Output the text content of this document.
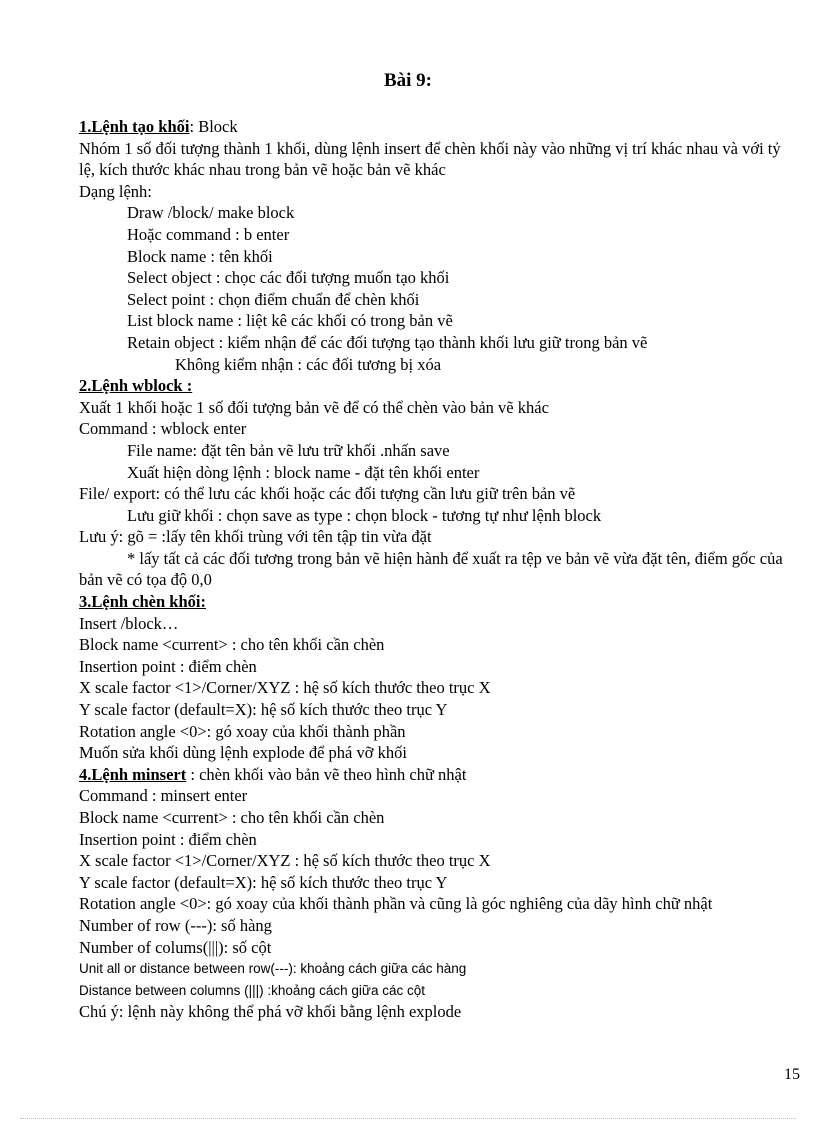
Bài 9:
1.Lệnh tạo khối: Block
Nhóm 1 số đối tượng thành 1 khối, dùng lệnh insert để chèn khối này vào những vị trí khác nhau và với tỷ lệ, kích thước khác nhau trong bản vẽ hoặc bản vẽ khác
Dạng lệnh:
Draw /block/ make block
Hoặc command : b enter
Block name : tên khối
Select object : chọc các đối tượng muốn tạo khối
Select point : chọn điểm chuẩn để chèn khối
List block name : liệt kê các khối có trong bản vẽ
Retain object : kiểm nhận để các đối tượng tạo thành khối lưu giữ trong bản vẽ
Không kiểm nhận : các đối tương bị xóa
2.Lệnh wblock :
Xuất 1 khối hoặc 1 số đối tượng bản vẽ để có thể chèn vào bản vẽ khác
Command : wblock enter
File name: đặt tên bản vẽ lưu trữ khối .nhấn save
Xuất hiện dòng lệnh : block name - đặt tên khối enter
File/ export: có thể lưu các khối hoặc các đối tượng cần lưu giữ trên bản vẽ
Lưu giữ khối : chọn save as type : chọn block - tương tự như lệnh block
Lưu ý: gõ = :lấy tên khối trùng với tên tập tin vừa đặt
* lấy tất cả các đối tương trong bản vẽ hiện hành để xuất ra tệp ve bản vẽ vừa đặt tên, điểm gốc của bản vẽ có tọa độ 0,0
3.Lệnh chèn khối:
Insert /block…
Block name <current> : cho tên khối cần chèn
Insertion point : điểm chèn
X scale factor <1>/Corner/XYZ : hệ số kích thước theo trục X
Y scale factor (default=X): hệ số kích thước theo trục Y
Rotation angle <0>: gó xoay của khối thành phần
Muốn sửa khối dùng lệnh explode để phá vỡ khối
4.Lệnh minsert : chèn khối vào bản vẽ theo hình chữ nhật
Command : minsert enter
Block name <current> : cho tên khối cần chèn
Insertion point : điểm chèn
X scale factor <1>/Corner/XYZ : hệ số kích thước theo trục X
Y scale factor (default=X): hệ số kích thước theo trục Y
Rotation angle <0>: gó xoay của khối thành phần và cũng là góc nghiêng của dãy hình chữ nhật
Number of row (---): số hàng
Number of colums(|||): số cột
Unit all or distance between row(---): khoảng cách giữa các hàng
Distance between columns (|||) :khoảng cách giữa các cột
Chú ý: lệnh này không thể phá vỡ khối bằng lệnh explode
15
